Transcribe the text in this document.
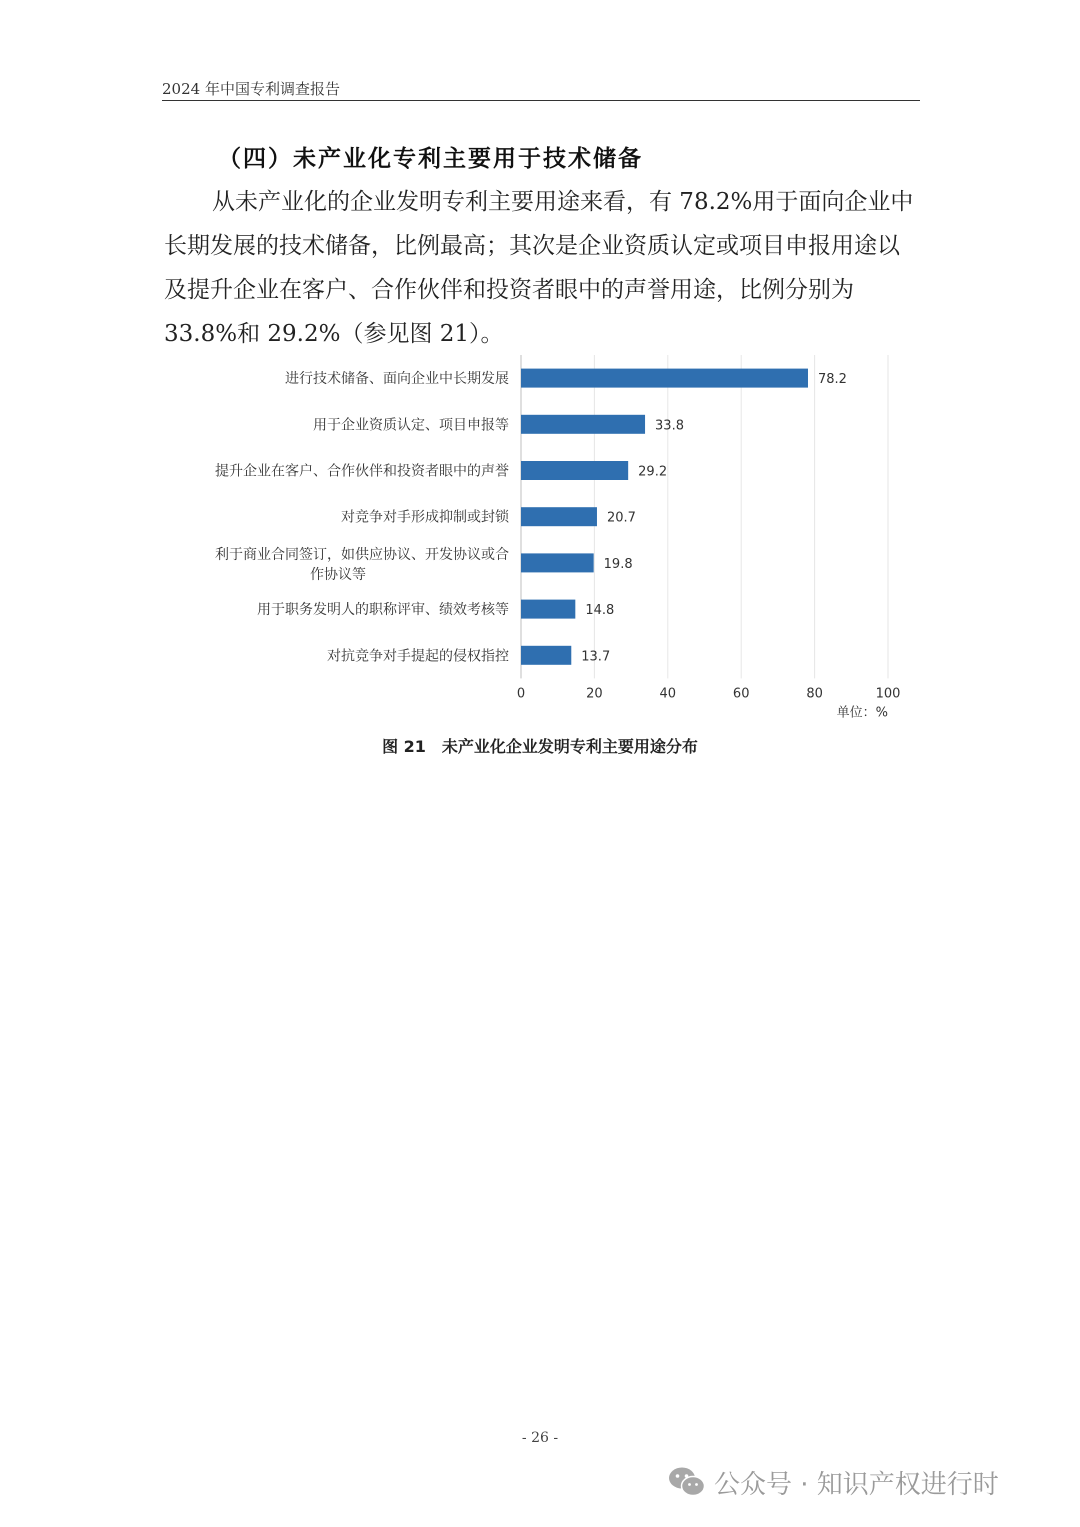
2024 年中国专利调查报告
（四）未产业化专利主要用于技术储备
从未产业化的企业发明专利主要用途来看，有 78.2%用于面向企业中长期发展的技术储备，比例最高；其次是企业资质认定或项目申报用途以及提升企业在客户、合作伙伴和投资者眼中的声誉用途，比例分别为 33.8%和 29.2%（参见图 21）。
78.2
进行技术储备、面向企业中长期发展
33.8
用于企业资质认定、项目申报等
29.2
提升企业在客户、合作伙伴和投资者眼中的声誉
20.7
对竞争对手形成抑制或封锁
19.8
利于商业合同签订，如供应协议、开发协议或合
作协议等
14.8
用于职务发明人的职称评审、绩效考核等
13.7
对抗竞争对手提起的侵权指控
0	20	40	60	80	100
单位：%
图 21　未产业化企业发明专利主要用途分布
- 26 -
公众号 · 知识产权进行时
